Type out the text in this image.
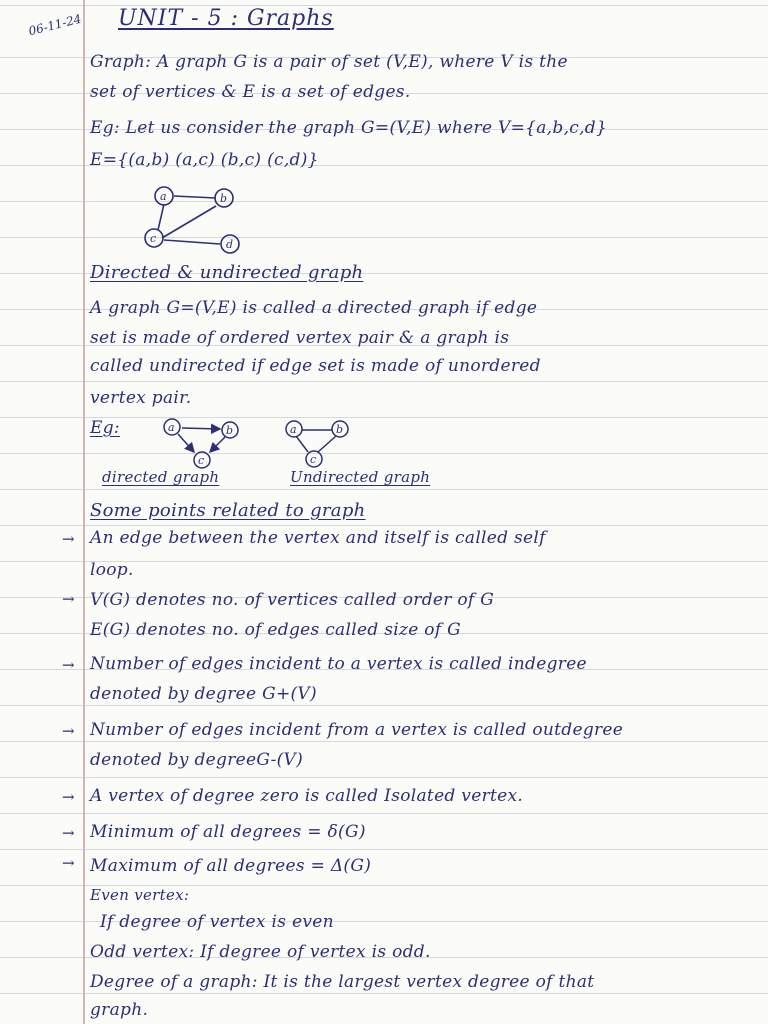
06-11-24 UNIT - 5 : Graphs
Graph: A graph G is a pair of set (V,E), where V is the
set of vertices & E is a set of edges.
Eg: Let us consider the graph G=(V,E) where V={a,b,c,d}
E={(a,b) (a,c) (b,c) (c,d)}
a	b
c	d
Directed & undirected graph
A graph G=(V,E) is called a directed graph if edge
set is made of ordered vertex pair & a graph is
called undirected if edge set is made of unordered
vertex pair.
Eg:	a	b
c
a	b
c
directed graph	Undirected graph
Some points related to graph
→ An edge between the vertex and itself is called self
loop.
→ V(G) denotes no. of vertices called order of G
E(G) denotes no. of edges called size of G
→ Number of edges incident to a vertex is called indegree
denoted by degree G+(V)
→ Number of edges incident from a vertex is called outdegree
denoted by degreeG-(V)
→ A vertex of degree zero is called Isolated vertex.
→ Minimum of all degrees = δ(G)
→ Maximum of all degrees = Δ(G)
Even vertex:
If degree of vertex is even
Odd vertex: If degree of vertex is odd.
Degree of a graph: It is the largest vertex degree of that
graph.
